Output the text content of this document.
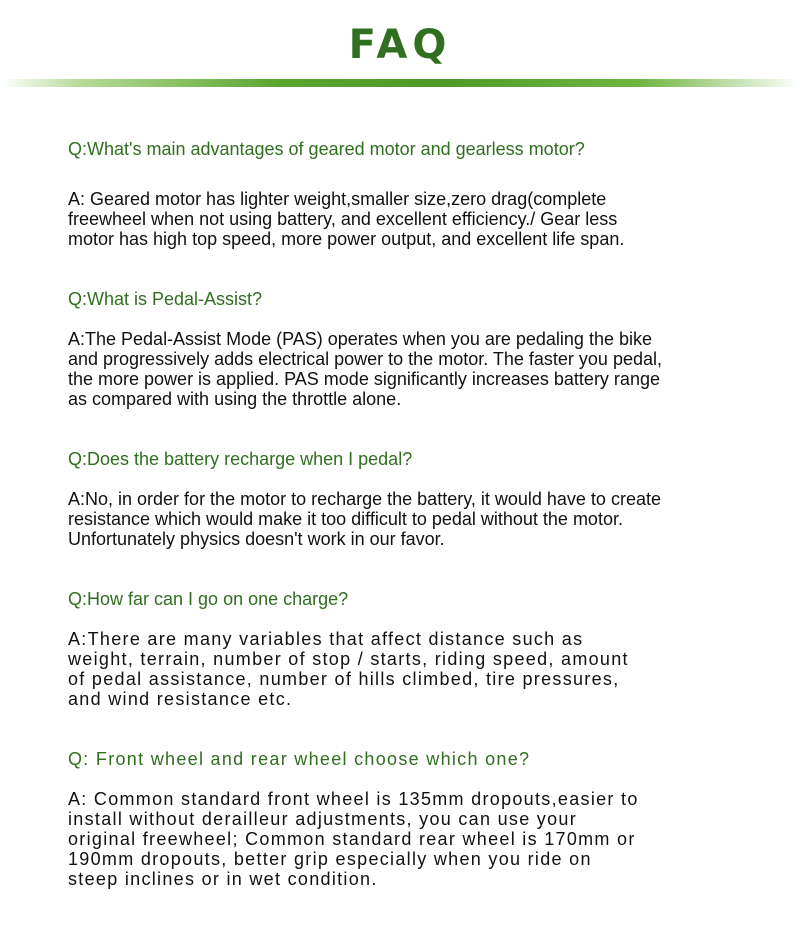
FAQ

Q:What's main advantages of geared motor and gearless motor?

A: Geared motor has lighter weight,smaller size,zero drag(complete

freewheel when not using battery, and excellent efficiency./ Gear less

motor has high top speed, more power output, and excellent life span.

Q:What is Pedal-Assist?

A:The Pedal-Assist Mode (PAS) operates when you are pedaling the bike

and progressively adds electrical power to the motor. The faster you pedal,

the more power is applied. PAS mode significantly increases battery range

as compared with using the throttle alone.

Q:Does the battery recharge when I pedal?

A:No, in order for the motor to recharge the battery, it would have to create

resistance which would make it too difficult to pedal without the motor.

Unfortunately physics doesn't work in our favor.

Q:How far can I go on one charge?

A:There are many variables that affect distance such as

weight, terrain, number of stop / starts, riding speed, amount

of pedal assistance, number of hills climbed, tire pressures,

and wind resistance etc.

Q: Front wheel and rear wheel choose which one?

A: Common standard front wheel is 135mm dropouts,easier to

install without derailleur adjustments, you can use your

original freewheel; Common standard rear wheel is 170mm or

190mm dropouts, better grip especially when you ride on

steep inclines or in wet condition.
